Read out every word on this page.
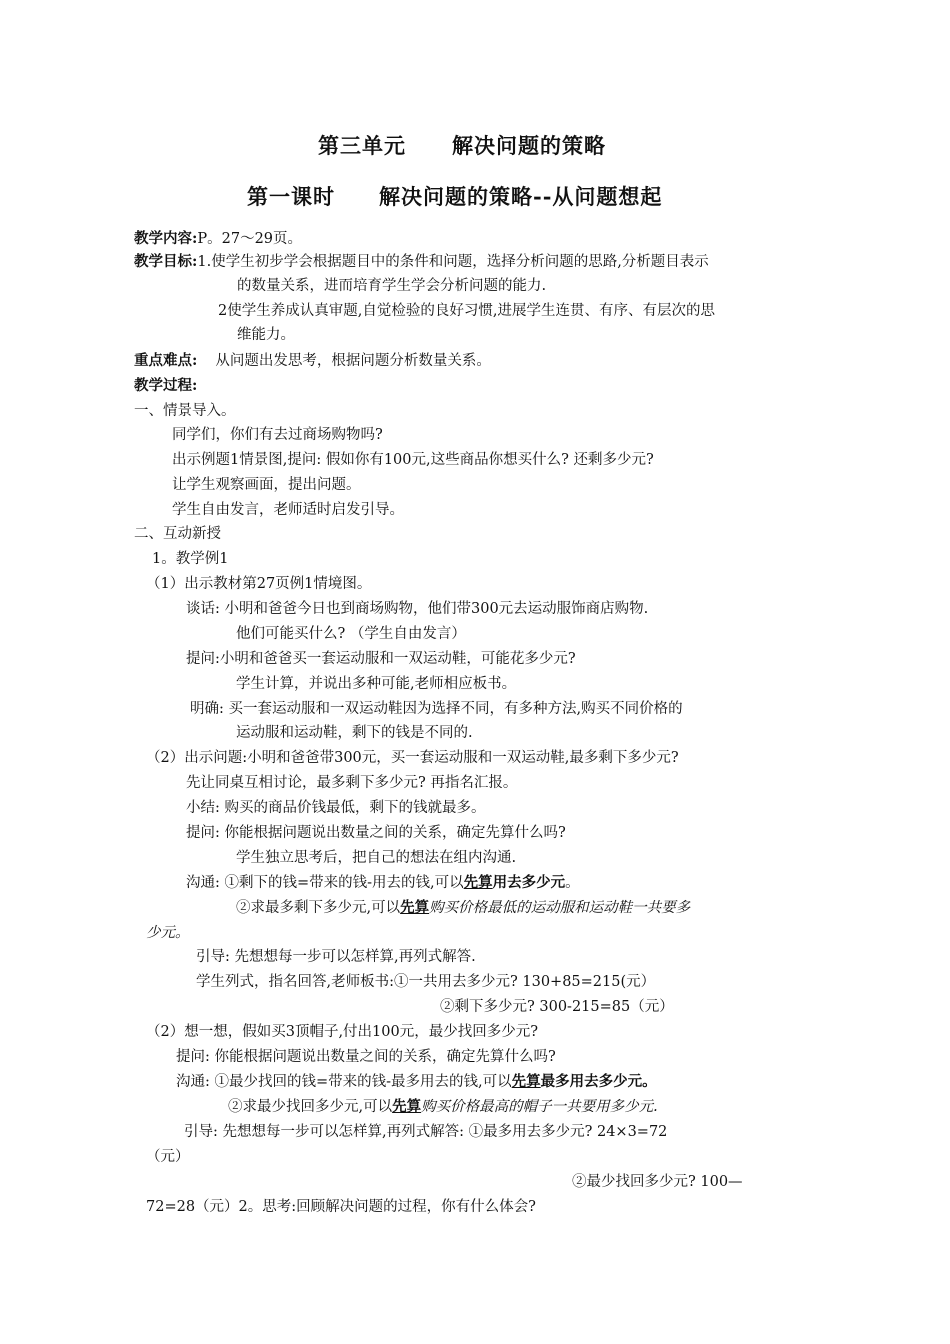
第三单元 解决问题的策略
第一课时 解决问题的策略--从问题想起
教学内容:P。27～29页。
教学目标:1.使学生初步学会根据题目中的条件和问题，选择分析问题的思路,分析题目表示
的数量关系，进而培育学生学会分析问题的能力.
2使学生养成认真审题,自觉检验的良好习惯,进展学生连贯、有序、有层次的思
维能力。
重点难点: 从问题出发思考，根据问题分析数量关系。
教学过程:
一、情景导入。
同学们，你们有去过商场购物吗?
出示例题1情景图,提问: 假如你有100元,这些商品你想买什么? 还剩多少元?
让学生观察画面，提出问题。
学生自由发言，老师适时启发引导。
二、互动新授
1。教学例1
（1）出示教材第27页例1情境图。
谈话: 小明和爸爸今日也到商场购物，他们带300元去运动服饰商店购物.
他们可能买什么? （学生自由发言）
提问:小明和爸爸买一套运动服和一双运动鞋，可能花多少元?
学生计算，并说出多种可能,老师相应板书。
明确: 买一套运动服和一双运动鞋因为选择不同，有多种方法,购买不同价格的
运动服和运动鞋，剩下的钱是不同的.
（2）出示问题:小明和爸爸带300元，买一套运动服和一双运动鞋,最多剩下多少元?
先让同桌互相讨论，最多剩下多少元? 再指名汇报。
小结: 购买的商品价钱最低，剩下的钱就最多。
提问: 你能根据问题说出数量之间的关系，确定先算什么吗?
学生独立思考后，把自己的想法在组内沟通.
沟通: ①剩下的钱=带来的钱-用去的钱,可以先算用去多少元。
②求最多剩下多少元,可以先算购买价格最低的运动服和运动鞋一共要多
少元。
引导: 先想想每一步可以怎样算,再列式解答.
学生列式，指名回答,老师板书:①一共用去多少元? 130+85=215(元）
②剩下多少元? 300-215=85（元）
（2）想一想，假如买3顶帽子,付出100元，最少找回多少元?
提问: 你能根据问题说出数量之间的关系，确定先算什么吗?
沟通: ①最少找回的钱=带来的钱-最多用去的钱,可以先算最多用去多少元。
②求最少找回多少元,可以先算购买价格最高的帽子一共要用多少元.
引导: 先想想每一步可以怎样算,再列式解答: ①最多用去多少元? 24×3=72
（元）
②最少找回多少元? 100—
72=28（元）2。思考:回顾解决问题的过程，你有什么体会?
